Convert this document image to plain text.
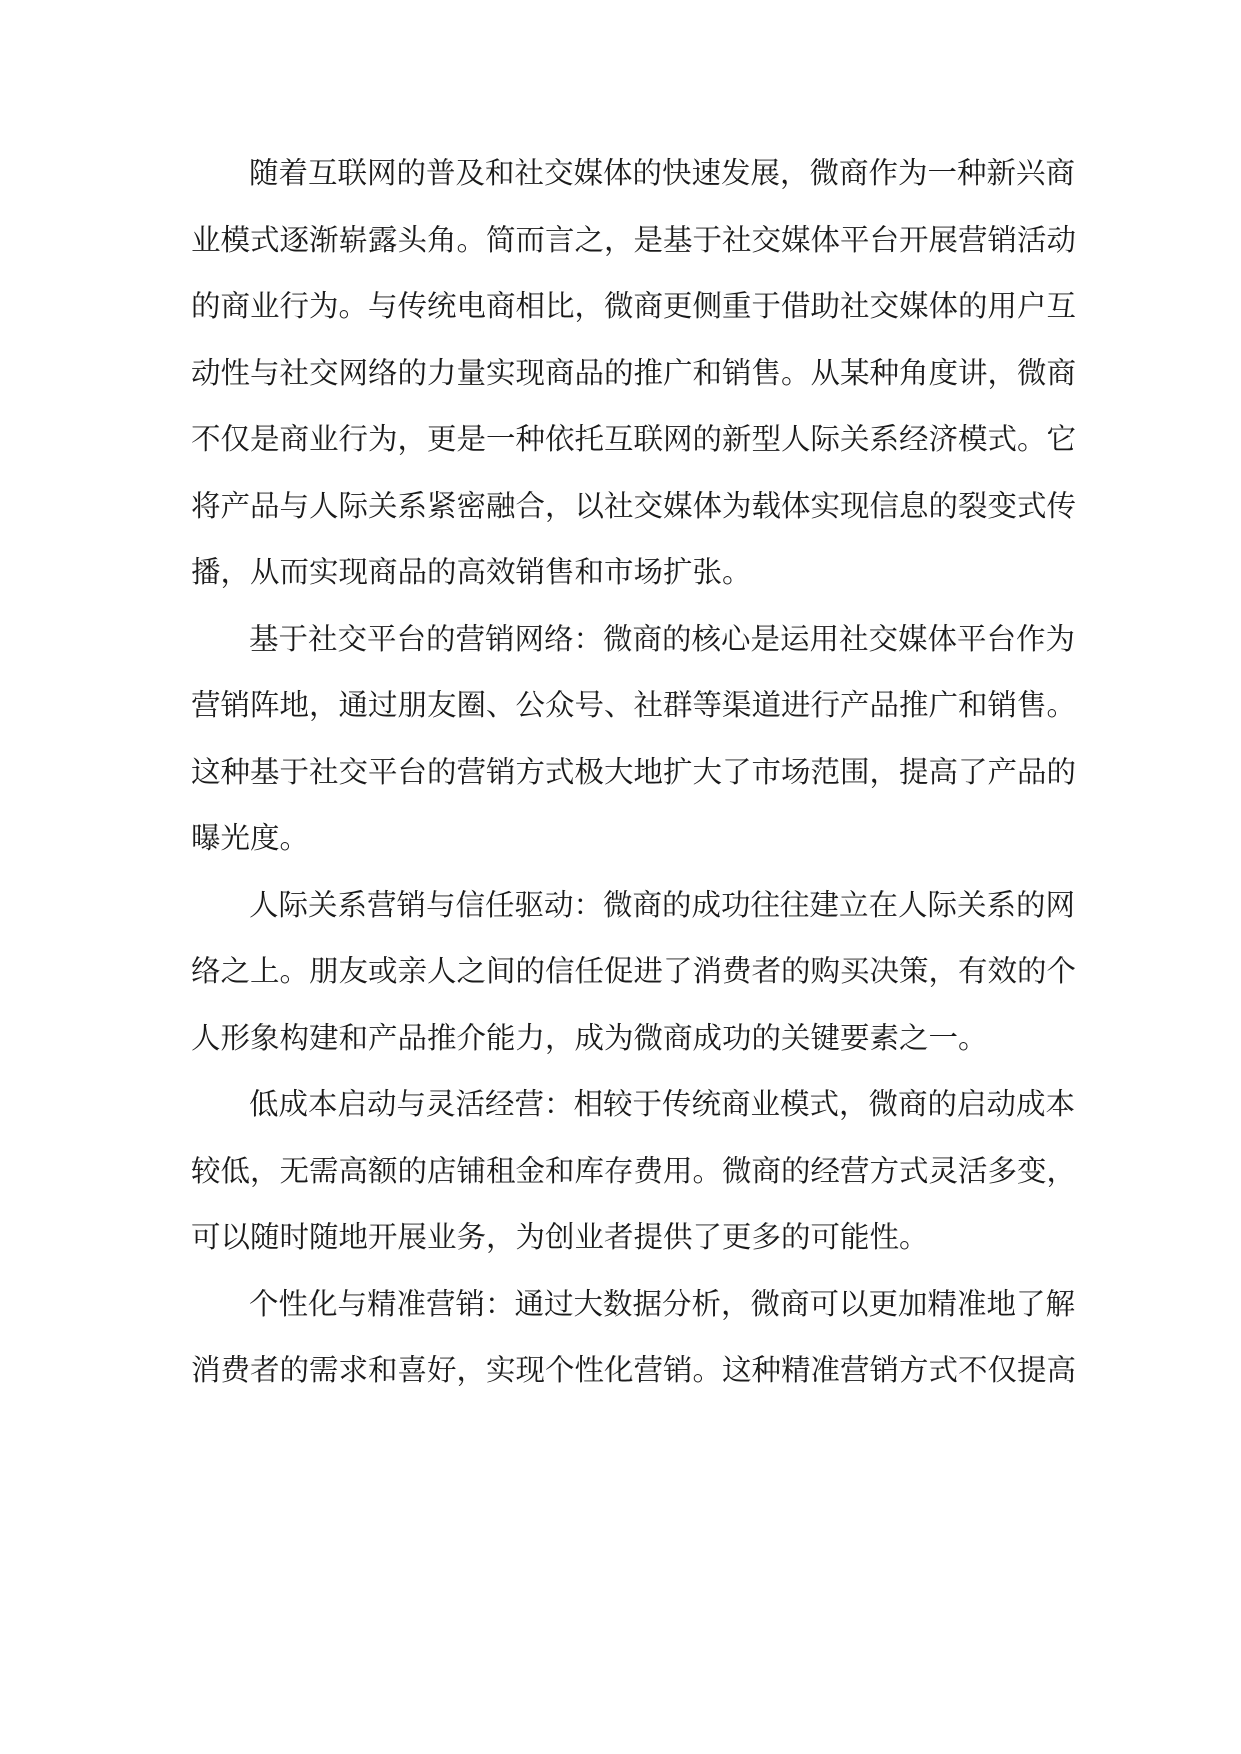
随着互联网的普及和社交媒体的快速发展，微商作为一种新兴商
业模式逐渐崭露头角。简而言之，是基于社交媒体平台开展营销活动
的商业行为。与传统电商相比，微商更侧重于借助社交媒体的用户互
动性与社交网络的力量实现商品的推广和销售。从某种角度讲，微商
不仅是商业行为，更是一种依托互联网的新型人际关系经济模式。它
将产品与人际关系紧密融合，以社交媒体为载体实现信息的裂变式传
播，从而实现商品的高效销售和市场扩张。
基于社交平台的营销网络：微商的核心是运用社交媒体平台作为
营销阵地，通过朋友圈、公众号、社群等渠道进行产品推广和销售。
这种基于社交平台的营销方式极大地扩大了市场范围，提高了产品的
曝光度。
人际关系营销与信任驱动：微商的成功往往建立在人际关系的网
络之上。朋友或亲人之间的信任促进了消费者的购买决策，有效的个
人形象构建和产品推介能力，成为微商成功的关键要素之一。
低成本启动与灵活经营：相较于传统商业模式，微商的启动成本
较低，无需高额的店铺租金和库存费用。微商的经营方式灵活多变，
可以随时随地开展业务，为创业者提供了更多的可能性。
个性化与精准营销：通过大数据分析，微商可以更加精准地了解
消费者的需求和喜好，实现个性化营销。这种精准营销方式不仅提高
